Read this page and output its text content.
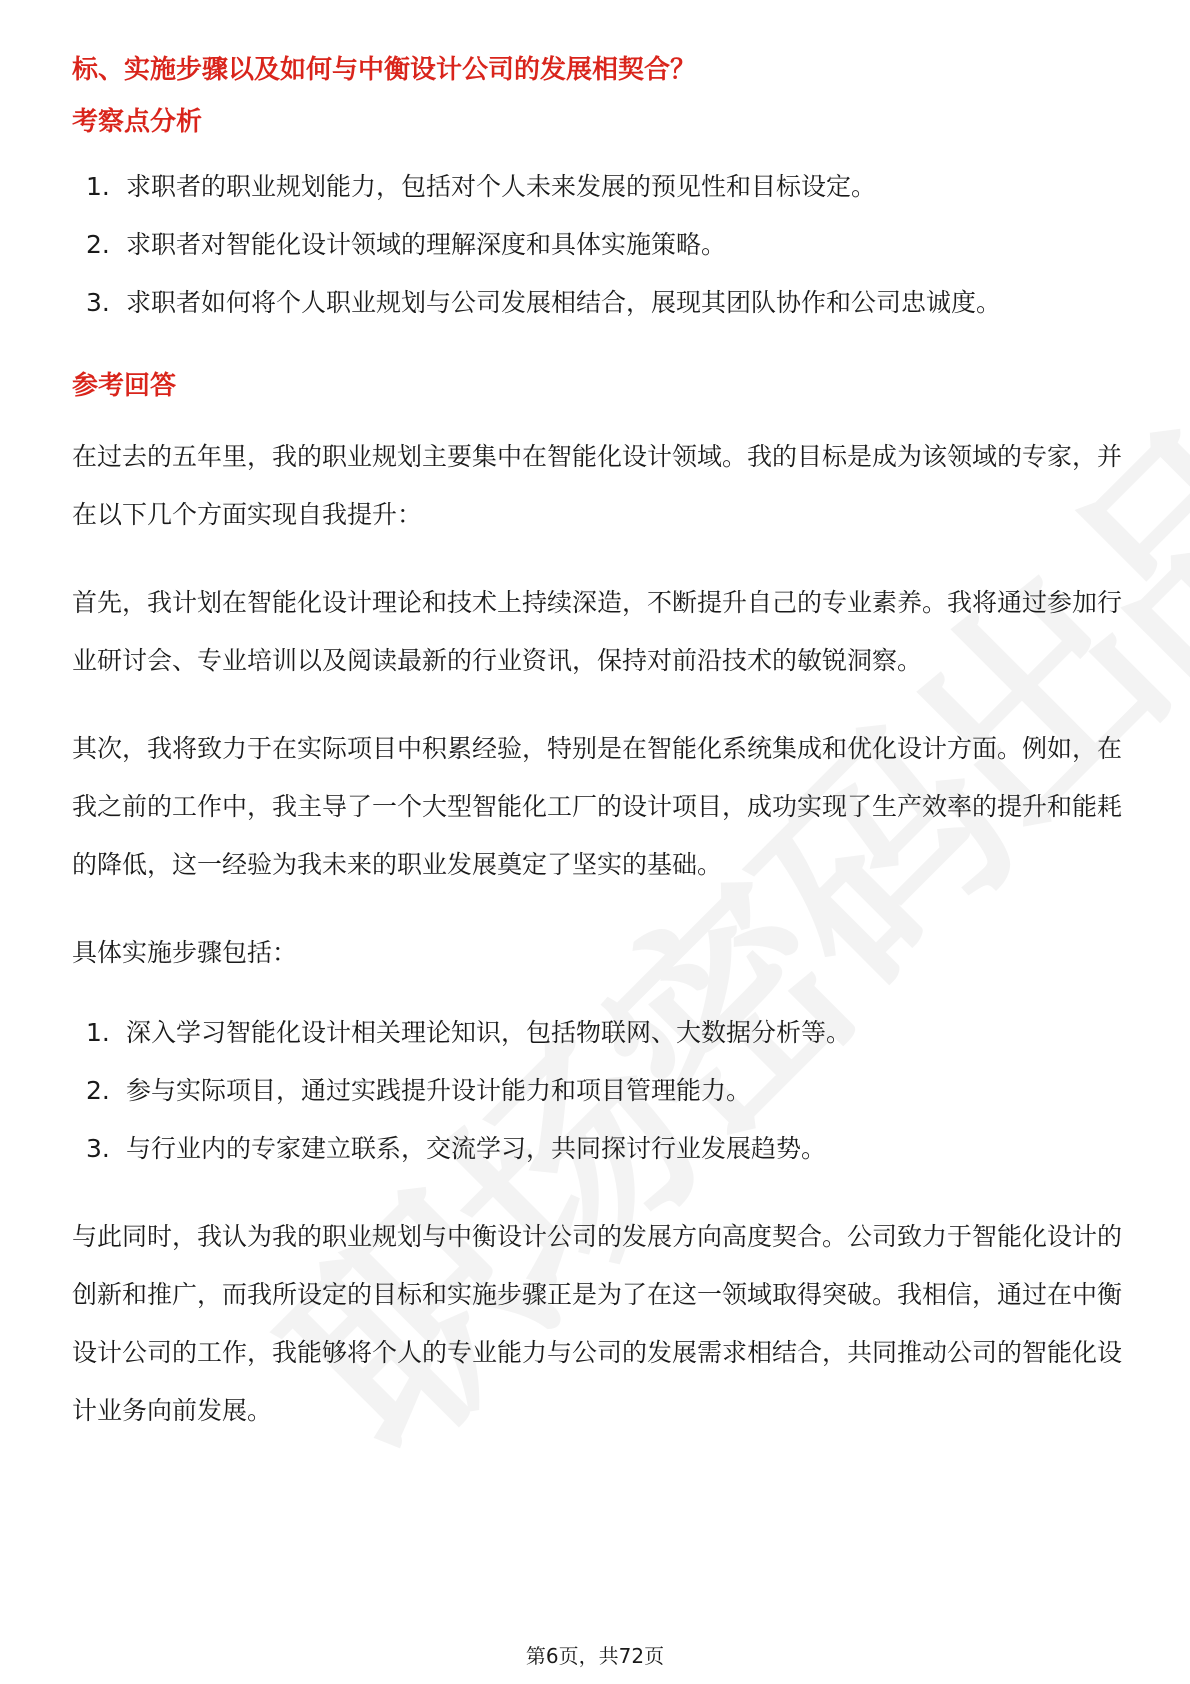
标、实施步骤以及如何与中衡设计公司的发展相契合？
考察点分析
1. 求职者的职业规划能力，包括对个人未来发展的预见性和目标设定。
2. 求职者对智能化设计领域的理解深度和具体实施策略。
3. 求职者如何将个人职业规划与公司发展相结合，展现其团队协作和公司忠诚度。
参考回答

在过去的五年里，我的职业规划主要集中在智能化设计领域。我的目标是成为该领域的专家，并在以下几个方面实现自我提升：

首先，我计划在智能化设计理论和技术上持续深造，不断提升自己的专业素养。我将通过参加行业研讨会、专业培训以及阅读最新的行业资讯，保持对前沿技术的敏锐洞察。

其次，我将致力于在实际项目中积累经验，特别是在智能化系统集成和优化设计方面。例如，在我之前的工作中，我主导了一个大型智能化工厂的设计项目，成功实现了生产效率的提升和能耗的降低，这一经验为我未来的职业发展奠定了坚实的基础。

具体实施步骤包括：

1. 深入学习智能化设计相关理论知识，包括物联网、大数据分析等。
2. 参与实际项目，通过实践提升设计能力和项目管理能力。
3. 与行业内的专家建立联系，交流学习，共同探讨行业发展趋势。

与此同时，我认为我的职业规划与中衡设计公司的发展方向高度契合。公司致力于智能化设计的创新和推广，而我所设定的目标和实施步骤正是为了在这一领域取得突破。我相信，通过在中衡设计公司的工作，我能够将个人的专业能力与公司的发展需求相结合，共同推动公司的智能化设计业务向前发展。

第6页，共72页
